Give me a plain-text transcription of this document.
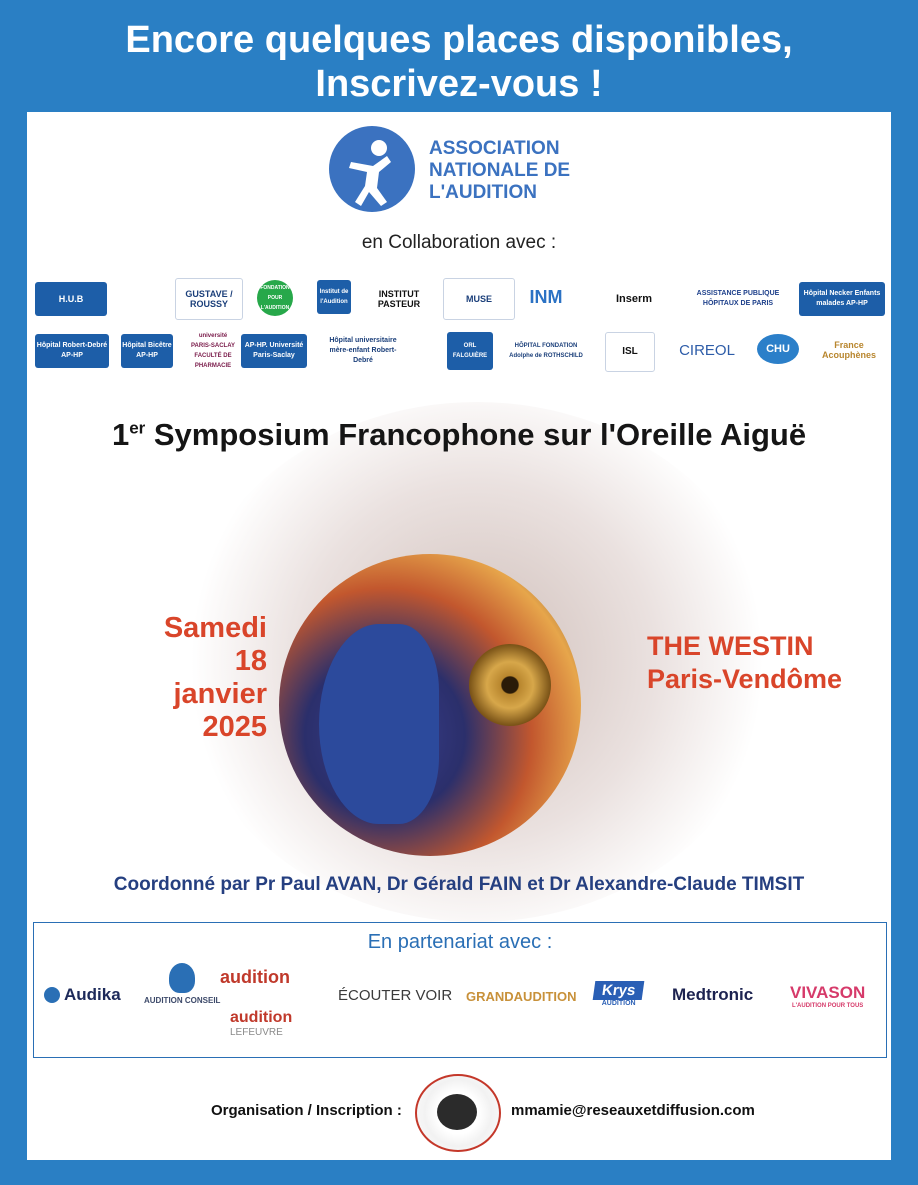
Encore quelques places disponibles,
Inscrivez-vous !
ASSOCIATION
NATIONALE DE
L'AUDITION
en Collaboration avec :
H.U.B	GUSTAVE / ROUSSY
FONDATION POUR L'AUDITION
Institut de l'Audition
INSTITUT PASTEUR	MUSE	INM	Inserm	ASSISTANCE PUBLIQUE HÔPITAUX DE PARIS
Hôpital Necker Enfants malades AP-HP
Hôpital Robert-Debré AP-HP
Hôpital Bicêtre AP-HP
université PARIS-SACLAY FACULTÉ DE PHARMACIE
AP-HP. Université Paris-Saclay
Hôpital universitaire mère-enfant Robert-Debré
ORL FALGUIÈRE
HÔPITAL FONDATION Adolphe de ROTHSCHILD	ISL	CIREOL	CHU	France Acouphènes
1er Symposium Francophone sur l'Oreille Aiguë
Samedi
18 janvier
2025
THE WESTIN
Paris-Vendôme
Coordonné par Pr Paul AVAN, Dr Gérald FAIN et Dr Alexandre-Claude TIMSIT
En partenariat avec :
Audika	AUDITION CONSEIL
audition
audition
LEFEUVRE
ÉCOUTER VOIR GRANDAUDITION	Krys
AUDITION Medtronic VIVASON
L'AUDITION POUR TOUS
Organisation / Inscription :	mmamie@reseauxetdiffusion.com
